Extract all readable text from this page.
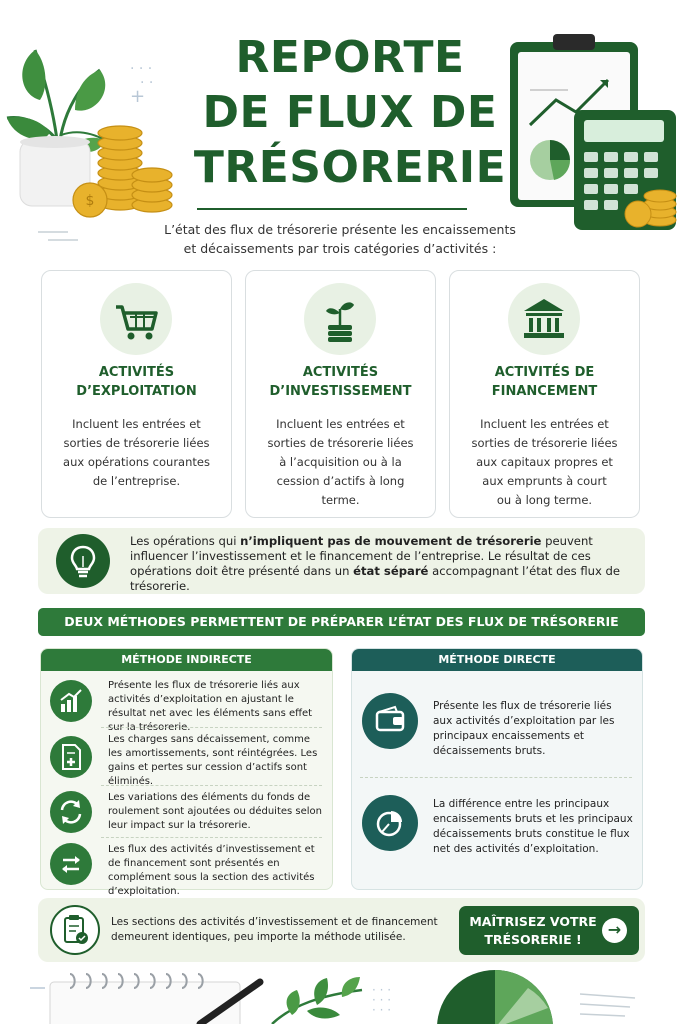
$
· · ·
· ·
+
REPORTE
DE FLUX DE
TRÉSORERIE
L’état des flux de trésorerie présente les encaissements
et décaissements par trois catégories d’activités :
ACTIVITÉS
D’EXPLOITATION
Incluent les entrées et
sorties de trésorerie liées
aux opérations courantes
de l’entreprise.
ACTIVITÉS
D’INVESTISSEMENT
Incluent les entrées et
sorties de trésorerie liées
à l’acquisition ou à la
cession d’actifs à long
terme.
ACTIVITÉS DE
FINANCEMENT
Incluent les entrées et
sorties de trésorerie liées
aux capitaux propres et
aux emprunts à court
ou à long terme.
Les opérations qui n’impliquent pas de mouvement de trésorerie peuvent influencer l’investissement et le financement de l’entreprise. Le résultat de ces opérations doit être présenté dans un état séparé accompagnant l’état des flux de trésorerie.
DEUX MÉTHODES PERMETTENT DE PRÉPARER L’ÉTAT DES FLUX DE TRÉSORERIE
MÉTHODE INDIRECTE
Présente les flux de trésorerie liés aux activités d’exploitation en ajustant le résultat net avec les éléments sans effet sur la trésorerie.
Les charges sans décaissement, comme les amortissements, sont réintégrées. Les gains et pertes sur cession d’actifs sont éliminés.
Les variations des éléments du fonds de roulement sont ajoutées ou déduites selon leur impact sur la trésorerie.
Les flux des activités d’investissement et de financement sont présentés en complément sous la section des activités d’exploitation.
MÉTHODE DIRECTE
Présente les flux de trésorerie liés aux activités d’exploitation par les principaux encaissements et décaissements bruts.
La différence entre les principaux encaissements bruts et les principaux décaissements bruts constitue le flux net des activités d’exploitation.
Les sections des activités d’investissement et de financement demeurent identiques, peu importe la méthode utilisée.
MAÎTRISEZ VOTRE
TRÉSORERIE !
→
· · ·
· · ·
· · ·
